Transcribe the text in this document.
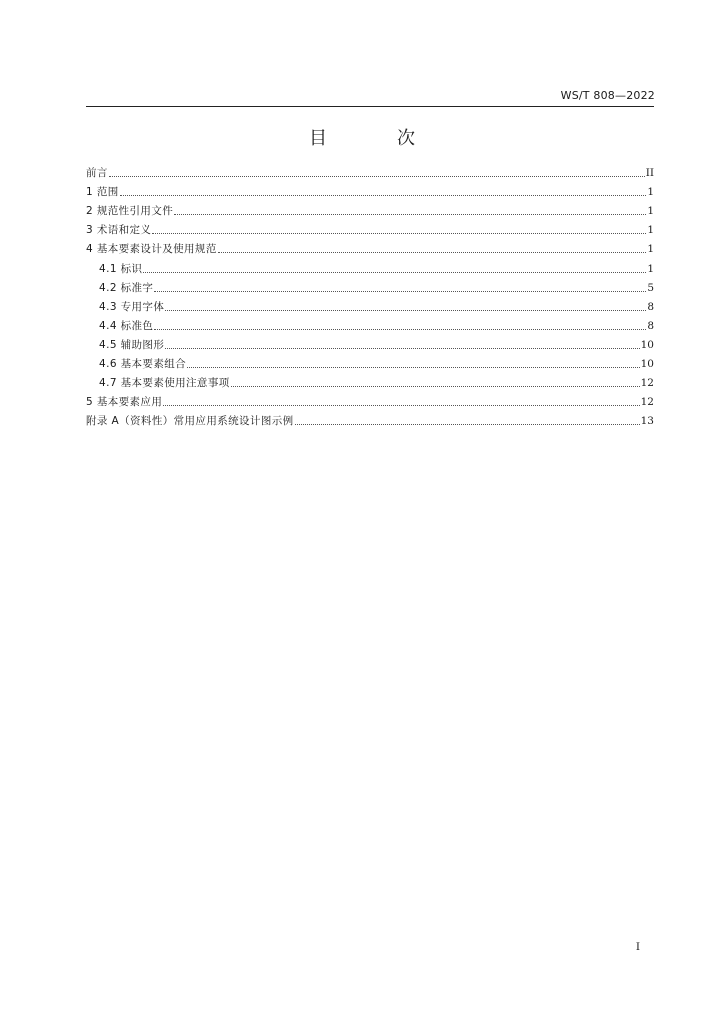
WS/T 808—2022
目　次
前言	II
1 范围	1
2 规范性引用文件	1
3 术语和定义	1
4 基本要素设计及使用规范	1
4.1 标识	1
4.2 标准字	5
4.3 专用字体	8
4.4 标准色	8
4.5 辅助图形	10
4.6 基本要素组合	10
4.7 基本要素使用注意事项	12
5 基本要素应用	12
附录 A（资料性）常用应用系统设计图示例	13
I
